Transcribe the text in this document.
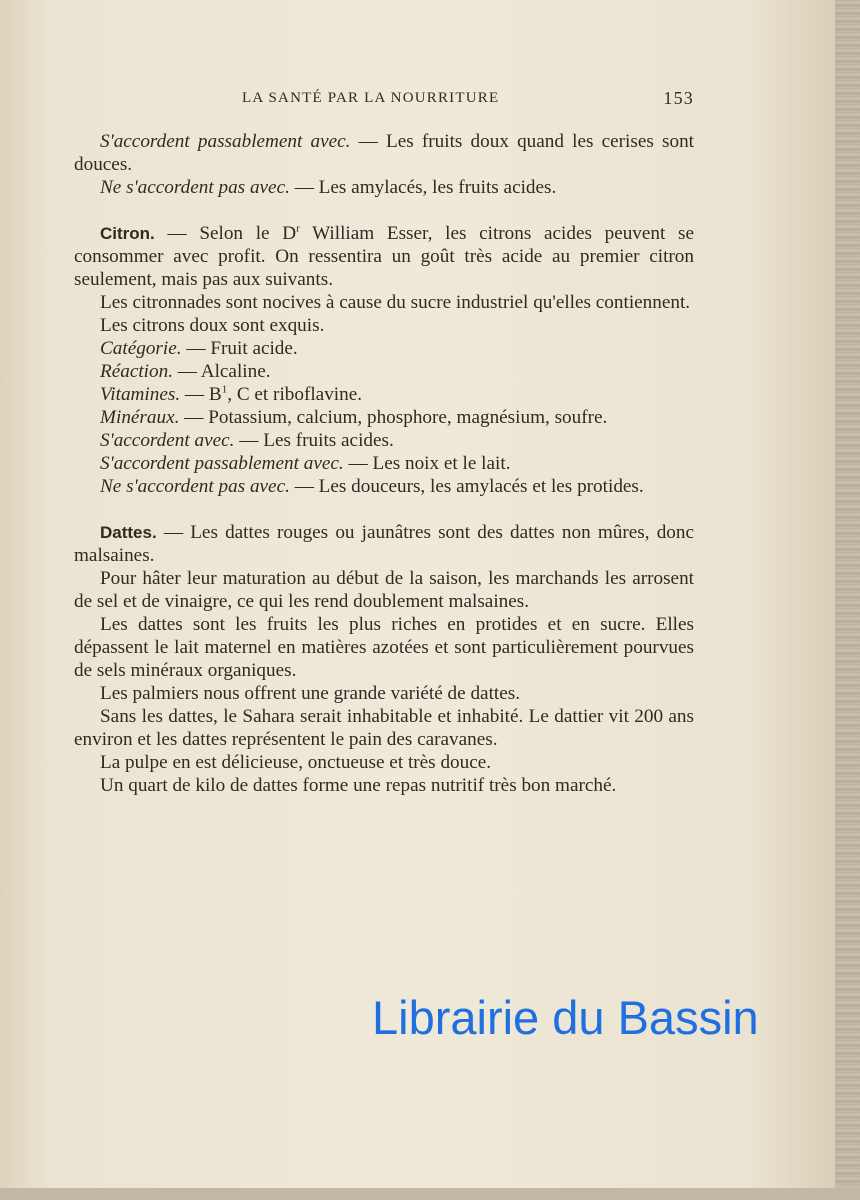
LA SANTÉ PAR LA NOURRITURE	153

S'accordent passablement avec. — Les fruits doux quand les cerises sont douces.

Ne s'accordent pas avec. — Les amylacés, les fruits acides.

Citron. — Selon le $D^r$ William Esser, les citrons acides peuvent se consommer avec profit. On ressentira un goût très acide au premier citron seulement, mais pas aux suivants.

Les citronnades sont nocives à cause du sucre industriel qu'elles contiennent.

Les citrons doux sont exquis.

Catégorie. — Fruit acide.

Réaction. — Alcaline.

Vitamines. — $B^1$, C et riboflavine.

Minéraux. — Potassium, calcium, phosphore, magnésium, soufre.

S'accordent avec. — Les fruits acides.

S'accordent passablement avec. — Les noix et le lait.

Ne s'accordent pas avec. — Les douceurs, les amylacés et les protides.

Dattes. — Les dattes rouges ou jaunâtres sont des dattes non mûres, donc malsaines.

Pour hâter leur maturation au début de la saison, les marchands les arrosent de sel et de vinaigre, ce qui les rend doublement malsaines.

Les dattes sont les fruits les plus riches en protides et en sucre. Elles dépassent le lait maternel en matières azotées et sont particulièrement pourvues de sels minéraux organiques.

Les palmiers nous offrent une grande variété de dattes.

Sans les dattes, le Sahara serait inhabitable et inhabité. Le dattier vit 200 ans environ et les dattes représentent le pain des caravanes.

La pulpe en est délicieuse, onctueuse et très douce.

Un quart de kilo de dattes forme une repas nutritif très bon marché.

Librairie du Bassin
